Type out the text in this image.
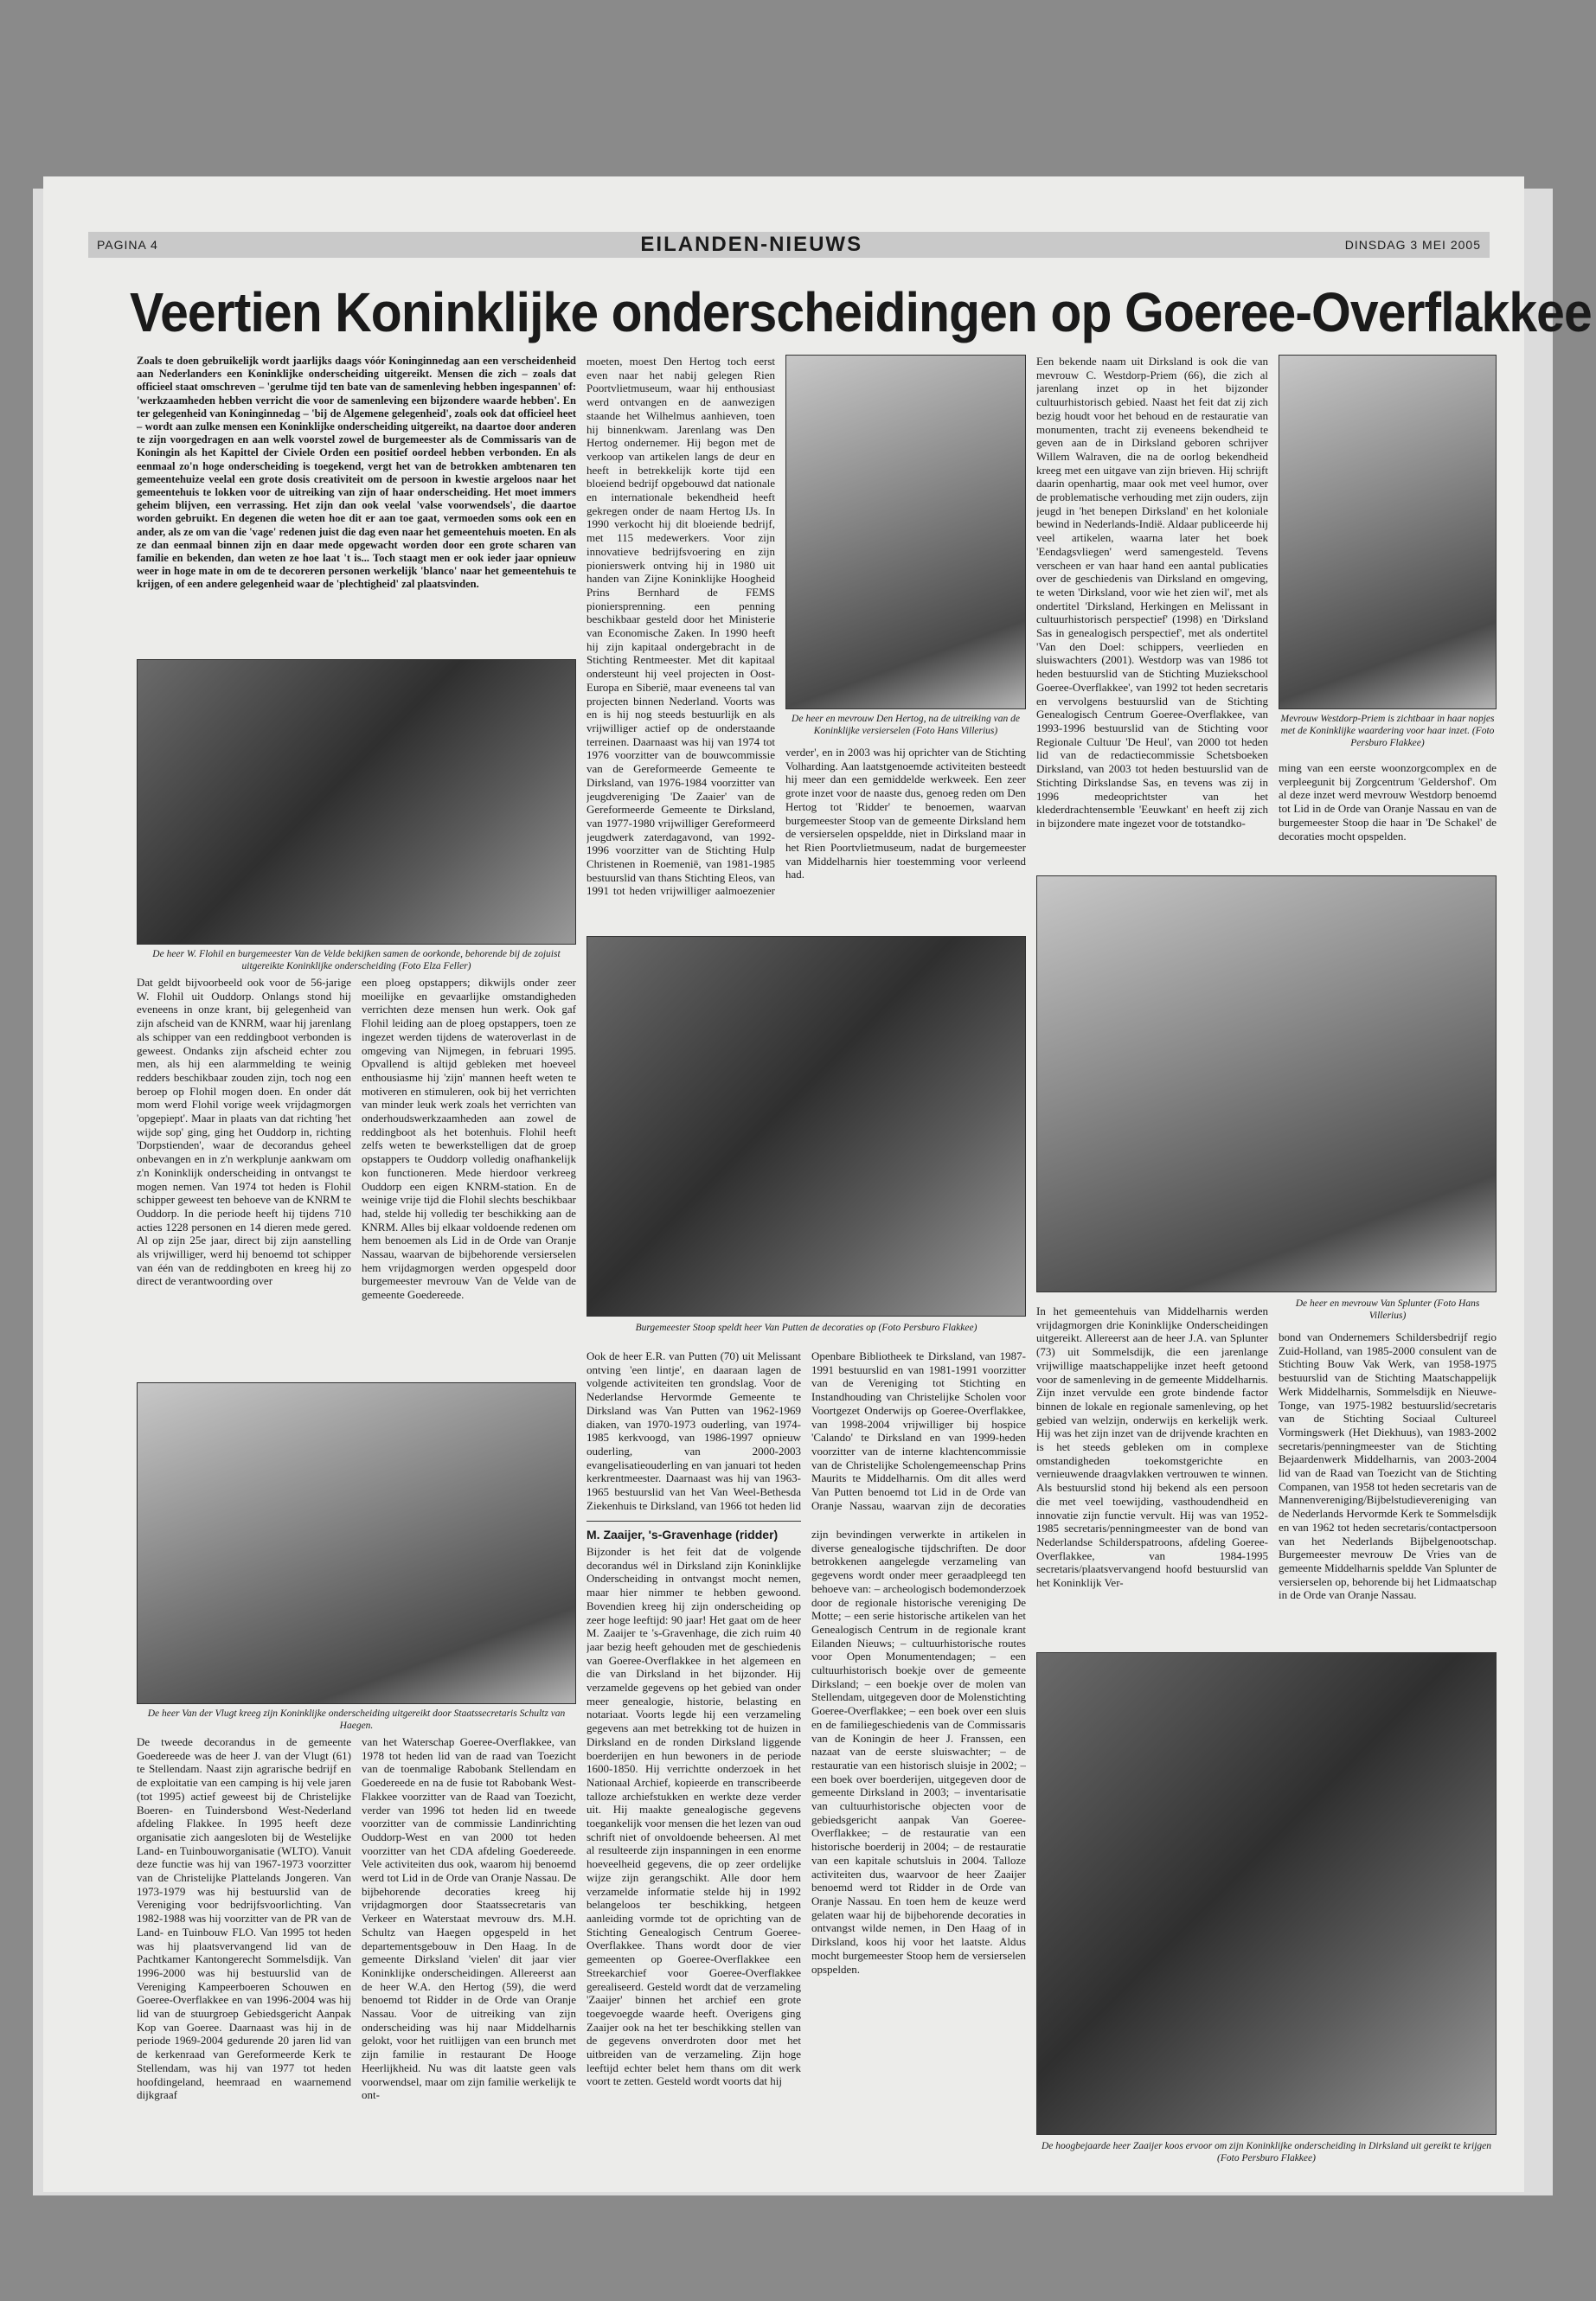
PAGINA 4	EILANDEN-NIEUWS	DINSDAG 3 MEI 2005
Veertien Koninklijke onderscheidingen op Goeree-Overflakkee
Zoals te doen gebruikelijk wordt jaarlijks daags vóór Koninginnedag aan een verscheidenheid aan Nederlanders een Koninklijke onderscheiding uitgereikt. Mensen die zich – zoals dat officieel staat omschreven – 'gerulme tijd ten bate van de samenleving hebben ingespannen' of: 'werkzaamheden hebben verricht die voor de samenleving een bijzondere waarde hebben'. En ter gelegenheid van Koninginnedag – 'bij de Algemene gelegenheid', zoals ook dat officieel heet – wordt aan zulke mensen een Koninklijke onderscheiding uitgereikt, na daartoe door anderen te zijn voorgedragen en aan welk voorstel zowel de burgemeester als de Commissaris van de Koningin als het Kapittel der Civiele Orden een positief oordeel hebben verbonden. En als eenmaal zo'n hoge onderscheiding is toegekend, vergt het van de betrokken ambtenaren ten gemeentehuize veelal een grote dosis creativiteit om de persoon in kwestie argeloos naar het gemeentehuis te lokken voor de uitreiking van zijn of haar onderscheiding. Het moet immers geheim blijven, een verrassing. Het zijn dan ook veelal 'valse voorwendsels', die daartoe worden gebruikt. En degenen die weten hoe dit er aan toe gaat, vermoeden soms ook een en ander, als ze om van die 'vage' redenen juist die dag even naar het gemeentehuis moeten. En als ze dan eenmaal binnen zijn en daar mede opgewacht worden door een grote scharen van familie en bekenden, dan weten ze hoe laat 't is... Toch staagt men er ook ieder jaar opnieuw weer in hoge mate in om de te decoreren personen werkelijk 'blanco' naar het gemeentehuis te krijgen, of een andere gelegenheid waar de 'plechtigheid' zal plaatsvinden.
De heer W. Flohil en burgemeester Van de Velde bekijken samen de oorkonde, behorende bij de zojuist uitgereikte Koninklijke onderscheiding (Foto Elza Feller)
Dat geldt bijvoorbeeld ook voor de 56-jarige W. Flohil uit Ouddorp. Onlangs stond hij eveneens in onze krant, bij gelegenheid van zijn afscheid van de KNRM, waar hij jarenlang als schipper van een reddingboot verbonden is geweest. Ondanks zijn afscheid echter zou men, als hij een alarmmelding te weinig redders beschikbaar zouden zijn, toch nog een beroep op Flohil mogen doen. En onder dát mom werd Flohil vorige week vrijdagmorgen 'opgepiept'. Maar in plaats van dat richting 'het wijde sop' ging, ging het Ouddorp in, richting 'Dorpstienden', waar de decorandus geheel onbevangen en in z'n werkplunje aankwam om z'n Koninklijk onderscheiding in ontvangst te mogen nemen. Van 1974 tot heden is Flohil schipper geweest ten behoeve van de KNRM te Ouddorp. In die periode heeft hij tijdens 710 acties 1228 personen en 14 dieren mede gered. Al op zijn 25e jaar, direct bij zijn aanstelling als vrijwilliger, werd hij benoemd tot schipper van één van de reddingboten en kreeg hij zo direct de verantwoording over
een ploeg opstappers; dikwijls onder zeer moeilijke en gevaarlijke omstandigheden verrichten deze mensen hun werk. Ook gaf Flohil leiding aan de ploeg opstappers, toen ze ingezet werden tijdens de wateroverlast in de omgeving van Nijmegen, in februari 1995. Opvallend is altijd gebleken met hoeveel enthousiasme hij 'zijn' mannen heeft weten te motiveren en stimuleren, ook bij het verrichten van minder leuk werk zoals het verrichten van onderhoudswerkzaamheden aan zowel de reddingboot als het botenhuis. Flohil heeft zelfs weten te bewerkstelligen dat de groep opstappers te Ouddorp volledig onafhankelijk kon functioneren. Mede hierdoor verkreeg Ouddorp een eigen KNRM-station. En de weinige vrije tijd die Flohil slechts beschikbaar had, stelde hij volledig ter beschikking aan de KNRM. Alles bij elkaar voldoende redenen om hem benoemen als Lid in de Orde van Oranje Nassau, waarvan de bijbehorende versierselen hem vrijdagmorgen werden opgespeld door burgemeester mevrouw Van de Velde van de gemeente Goedereede.
moeten, moest Den Hertog toch eerst even naar het nabij gelegen Rien Poortvlietmuseum, waar hij enthousiast werd ontvangen en de aanwezigen staande het Wilhelmus aanhieven, toen hij binnenkwam. Jarenlang was Den Hertog ondernemer. Hij begon met de verkoop van artikelen langs de deur en heeft in betrekkelijk korte tijd een bloeiend bedrijf opgebouwd dat nationale en internationale bekendheid heeft gekregen onder de naam Hertog IJs. In 1990 verkocht hij dit bloeiende bedrijf, met 115 medewerkers. Voor zijn innovatieve bedrijfsvoering en zijn pionierswerk ontving hij in 1980 uit handen van Zijne Koninklijke Hoogheid Prins Bernhard de FEMS pioniersprenning. een penning beschikbaar gesteld door het Ministerie van Economische Zaken. In 1990 heeft hij zijn kapitaal ondergebracht in de Stichting Rentmeester. Met dit kapitaal ondersteunt hij veel projecten in Oost-Europa en Siberië, maar eveneens tal van projecten binnen Nederland. Voorts was en is hij nog steeds bestuurlijk en als vrijwilliger actief op de onderstaande terreinen. Daarnaast was hij van 1974 tot 1976 voorzitter van de bouwcommissie van de Gereformeerde Gemeente te Dirksland, van 1976-1984 voorzitter van jeugdvereniging 'De Zaaier' van de Gereformeerde Gemeente te Dirksland, van 1977-1980 vrijwilliger Gereformeerd jeugdwerk zaterdagavond, van 1992-1996 voorzitter van de Stichting Hulp Christenen in Roemenië, van 1981-1985 bestuurslid van thans Stichting Eleos, van 1991 tot heden vrijwilliger aalmoezenier
De heer en mevrouw Den Hertog, na de uitreiking van de Koninklijke versierselen (Foto Hans Villerius)
verder', en in 2003 was hij oprichter van de Stichting Volharding. Aan laatstgenoemde activiteiten besteedt hij meer dan een gemiddelde werkweek. Een zeer grote inzet voor de naaste dus, genoeg reden om Den Hertog tot 'Ridder' te benoemen, waarvan burgemeester Stoop van de gemeente Dirksland hem de versierselen opspeldde, niet in Dirksland maar in het Rien Poortvlietmuseum, nadat de burgemeester van Middelharnis hier toestemming voor verleend had.
Een bekende naam uit Dirksland is ook die van mevrouw C. Westdorp-Priem (66), die zich al jarenlang inzet op in het bijzonder cultuurhistorisch gebied. Naast het feit dat zij zich bezig houdt voor het behoud en de restauratie van monumenten, tracht zij eveneens bekendheid te geven aan de in Dirksland geboren schrijver Willem Walraven, die na de oorlog bekendheid kreeg met een uitgave van zijn brieven. Hij schrijft daarin openhartig, maar ook met veel humor, over de problematische verhouding met zijn ouders, zijn jeugd in 'het benepen Dirksland' en het koloniale bewind in Nederlands-Indië. Aldaar publiceerde hij veel artikelen, waarna later het boek 'Eendagsvliegen' werd samengesteld. Tevens verscheen er van haar hand een aantal publicaties over de geschiedenis van Dirksland en omgeving, te weten 'Dirksland, voor wie het zien wil', met als ondertitel 'Dirksland, Herkingen en Melissant in cultuurhistorisch perspectief' (1998) en 'Dirksland Sas in genealogisch perspectief', met als ondertitel 'Van den Doel: schippers, veerlieden en sluiswachters (2001). Westdorp was van 1986 tot heden bestuurslid van de Stichting Muziekschool Goeree-Overflakkee', van 1992 tot heden secretaris en vervolgens bestuurslid van de Stichting Genealogisch Centrum Goeree-Overflakkee, van 1993-1996 bestuurslid van de Stichting voor Regionale Cultuur 'De Heul', van 2000 tot heden lid van de redactiecommissie Schetsboeken Dirksland, van 2003 tot heden bestuurslid van de Stichting Dirkslandse Sas, en tevens was zij in 1996 medeoprichtster van het klederdrachtensemble 'Eeuwkant' en heeft zij zich in bijzondere mate ingezet voor de totstandko-
Mevrouw Westdorp-Priem is zichtbaar in haar nopjes met de Koninklijke waardering voor haar inzet. (Foto Persburo Flakkee)
ming van een eerste woonzorgcomplex en de verpleegunit bij Zorgcentrum 'Geldershof'. Om al deze inzet werd mevrouw Westdorp benoemd tot Lid in de Orde van Oranje Nassau en van de burgemeester Stoop die haar in 'De Schakel' de decoraties mocht opspelden.
Burgemeester Stoop speldt heer Van Putten de decoraties op (Foto Persburo Flakkee)
De heer en mevrouw Van Splunter (Foto Hans Villerius)
De heer Van der Vlugt kreeg zijn Koninklijke onderscheiding uitgereikt door Staatssecretaris Schultz van Haegen.
De tweede decorandus in de gemeente Goedereede was de heer J. van der Vlugt (61) te Stellendam. Naast zijn agrarische bedrijf en de exploitatie van een camping is hij vele jaren (tot 1995) actief geweest bij de Christelijke Boeren- en Tuindersbond West-Nederland afdeling Flakkee. In 1995 heeft deze organisatie zich aangesloten bij de Westelijke Land- en Tuinbouworganisatie (WLTO). Vanuit deze functie was hij van 1967-1973 voorzitter van de Christelijke Plattelands Jongeren. Van 1973-1979 was hij bestuurslid van de Vereniging voor bedrijfsvoorlichting. Van 1982-1988 was hij voorzitter van de PR van de Land- en Tuinbouw FLO. Van 1995 tot heden was hij plaatsvervangend lid van de Pachtkamer Kantongerecht Sommelsdijk. Van 1996-2000 was hij bestuurslid van de Vereniging Kampeerboeren Schouwen en Goeree-Overflakkee en van 1996-2004 was hij lid van de stuurgroep Gebiedsgericht Aanpak Kop van Goeree. Daarnaast was hij in de periode 1969-2004 gedurende 20 jaren lid van de kerkenraad van Gereformeerde Kerk te Stellendam, was hij van 1977 tot heden hoofdingeland, heemraad en waarnemend dijkgraaf
van het Waterschap Goeree-Overflakkee, van 1978 tot heden lid van de raad van Toezicht van de toenmalige Rabobank Stellendam en Goedereede en na de fusie tot Rabobank West-Flakkee voorzitter van de Raad van Toezicht, verder van 1996 tot heden lid en tweede voorzitter van de commissie Landinrichting Ouddorp-West en van 2000 tot heden voorzitter van het CDA afdeling Goedereede. Vele activiteiten dus ook, waarom hij benoemd werd tot Lid in de Orde van Oranje Nassau. De bijbehorende decoraties kreeg hij vrijdagmorgen door Staatssecretaris van Verkeer en Waterstaat mevrouw drs. M.H. Schultz van Haegen opgespeld in het departementsgebouw in Den Haag. In de gemeente Dirksland 'vielen' dit jaar vier Koninklijke onderscheidingen. Allereerst aan de heer W.A. den Hertog (59), die werd benoemd tot Ridder in de Orde van Oranje Nassau. Voor de uitreiking van zijn onderscheiding was hij naar Middelharnis gelokt, voor het ruitlijgen van een brunch met zijn familie in restaurant De Hooge Heerlijkheid. Nu was dit laatste geen vals voorwendsel, maar om zijn familie werkelijk te ont-
Ook de heer E.R. van Putten (70) uit Melissant ontving 'een lintje', en daaraan lagen de volgende activiteiten ten grondslag. Voor de Nederlandse Hervormde Gemeente te Dirksland was Van Putten van 1962-1969 diaken, van 1970-1973 ouderling, van 1974-1985 kerkvoogd, van 1986-1997 opnieuw ouderling, van 2000-2003 evangelisatieouderling en van januari tot heden kerkrentmeester. Daarnaast was hij van 1963-1965 bestuurslid van het Van Weel-Bethesda Ziekenhuis te Dirksland, van 1966 tot heden lid
Openbare Bibliotheek te Dirksland, van 1987-1991 bestuurslid en van 1981-1991 voorzitter van de Vereniging tot Stichting en Instandhouding van Christelijke Scholen voor Voortgezet Onderwijs op Goeree-Overflakkee, van 1998-2004 vrijwilliger bij hospice 'Calando' te Dirksland en van 1999-heden voorzitter van de interne klachtencommissie van de Christelijke Scholengemeenschap Prins Maurits te Middelharnis. Om dit alles werd Van Putten benoemd tot Lid in de Orde van Oranje Nassau, waarvan zijn de decoraties
M. Zaaijer, 's-Gravenhage (ridder)
Bijzonder is het feit dat de volgende decorandus wél in Dirksland zijn Koninklijke Onderscheiding in ontvangst mocht nemen, maar hier nimmer te hebben gewoond. Bovendien kreeg hij zijn onderscheiding op zeer hoge leeftijd: 90 jaar! Het gaat om de heer M. Zaaijer te 's-Gravenhage, die zich ruim 40 jaar bezig heeft gehouden met de geschiedenis van Goeree-Overflakkee in het algemeen en die van Dirksland in het bijzonder. Hij verzamelde gegevens op het gebied van onder meer genealogie, historie, belasting en notariaat. Voorts legde hij een verzameling gegevens aan met betrekking tot de huizen in Dirksland en de ronden Dirksland liggende boerderijen en hun bewoners in de periode 1600-1850. Hij verrichtte onderzoek in het Nationaal Archief, kopieerde en transcribeerde talloze archiefstukken en werkte deze verder uit. Hij maakte genealogische gegevens toegankelijk voor mensen die het lezen van oud schrift niet of onvoldoende beheersen. Al met al resulteerde zijn inspanningen in een enorme hoeveelheid gegevens, die op zeer ordelijke wijze zijn gerangschikt. Alle door hem verzamelde informatie stelde hij in 1992 belangeloos ter beschikking, hetgeen aanleiding vormde tot de oprichting van de Stichting Genealogisch Centrum Goeree-Overflakkee. Thans wordt door de vier gemeenten op Goeree-Overflakkee een Streekarchief voor Goeree-Overflakkee gerealiseerd. Gesteld wordt dat de verzameling 'Zaaijer' binnen het archief een grote toegevoegde waarde heeft. Overigens ging Zaaijer ook na het ter beschikking stellen van de gegevens onverdroten door met het uitbreiden van de verzameling. Zijn hoge leeftijd echter belet hem thans om dit werk voort te zetten. Gesteld wordt voorts dat hij
zijn bevindingen verwerkte in artikelen in diverse genealogische tijdschriften. De door betrokkenen aangelegde verzameling van gegevens wordt onder meer geraadpleegd ten behoeve van: – archeologisch bodemonderzoek door de regionale historische vereniging De Motte; – een serie historische artikelen van het Genealogisch Centrum in de regionale krant Eilanden Nieuws; – cultuurhistorische routes voor Open Monumentendagen; – een cultuurhistorisch boekje over de gemeente Dirksland; – een boekje over de molen van Stellendam, uitgegeven door de Molenstichting Goeree-Overflakkee; – een boek over een sluis en de familiegeschiedenis van de Commissaris van de Koningin de heer J. Franssen, een nazaat van de eerste sluiswachter; – de restauratie van een historisch sluisje in 2002; – een boek over boerderijen, uitgegeven door de gemeente Dirksland in 2003; – inventarisatie van cultuurhistorische objecten voor de gebiedsgericht aanpak Van Goeree-Overflakkee; – de restauratie van een historische boerderij in 2004; – de restauratie van een kapitale schutsluis in 2004. Talloze activiteiten dus, waarvoor de heer Zaaijer benoemd werd tot Ridder in de Orde van Oranje Nassau. En toen hem de keuze werd gelaten waar hij de bijbehorende decoraties in ontvangst wilde nemen, in Den Haag of in Dirksland, koos hij voor het laatste. Aldus mocht burgemeester Stoop hem de versierselen opspelden.
In het gemeentehuis van Middelharnis werden vrijdagmorgen drie Koninklijke Onderscheidingen uitgereikt. Allereerst aan de heer J.A. van Splunter (73) uit Sommelsdijk, die een jarenlange vrijwillige maatschappelijke inzet heeft getoond voor de samenleving in de gemeente Middelharnis. Zijn inzet vervulde een grote bindende factor binnen de lokale en regionale samenleving, op het gebied van welzijn, onderwijs en kerkelijk werk. Hij was het zijn inzet van de drijvende krachten en is het steeds gebleken om in complexe omstandigheden toekomstgerichte en vernieuwende draagvlakken vertrouwen te winnen. Als bestuurslid stond hij bekend als een persoon die met veel toewijding, vasthoudendheid en innovatie zijn functie vervult. Hij was van 1952-1985 secretaris/penningmeester van de bond van Nederlandse Schilderspatroons, afdeling Goeree-Overflakkee, van 1984-1995 secretaris/plaatsvervangend hoofd bestuurslid van het Koninklijk Ver-
bond van Ondernemers Schildersbedrijf regio Zuid-Holland, van 1985-2000 consulent van de Stichting Bouw Vak Werk, van 1958-1975 bestuurslid van de Stichting Maatschappelijk Werk Middelharnis, Sommelsdijk en Nieuwe-Tonge, van 1975-1982 bestuurslid/secretaris van de Stichting Sociaal Cultureel Vormingswerk (Het Diekhuus), van 1983-2002 secretaris/penningmeester van de Stichting Bejaardenwerk Middelharnis, van 2003-2004 lid van de Raad van Toezicht van de Stichting Companen, van 1958 tot heden secretaris van de Mannenvereniging/Bijbelstudievereniging van de Nederlands Hervormde Kerk te Sommelsdijk en van 1962 tot heden secretaris/contactpersoon van het Nederlands Bijbelgenootschap. Burgemeester mevrouw De Vries van de gemeente Middelharnis speldde Van Splunter de versierselen op, behorende bij het Lidmaatschap in de Orde van Oranje Nassau.
De hoogbejaarde heer Zaaijer koos ervoor om zijn Koninklijke onderscheiding in Dirksland uit gereikt te krijgen (Foto Persburo Flakkee)
